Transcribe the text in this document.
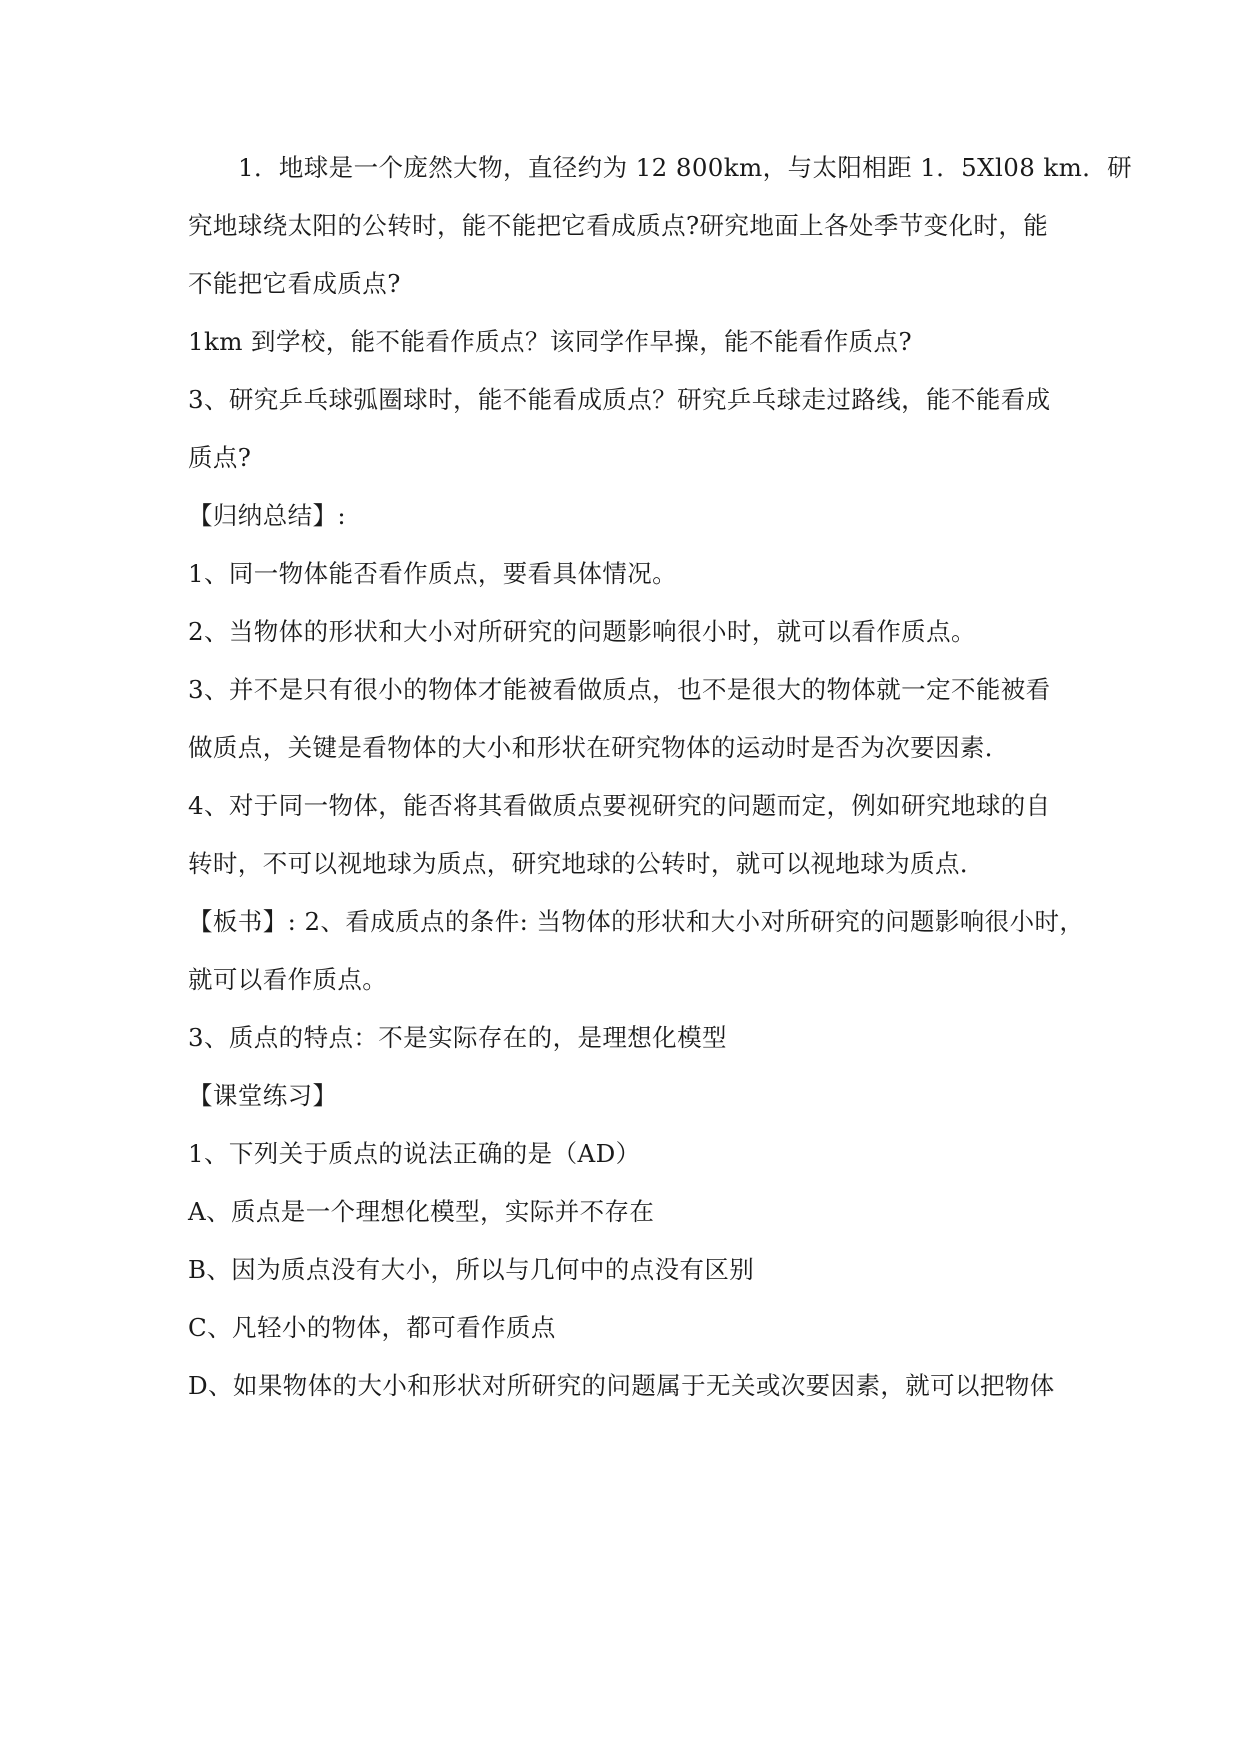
1．地球是一个庞然大物，直径约为 12 800km，与太阳相距 1．5Xl08 km．研
究地球绕太阳的公转时，能不能把它看成质点?研究地面上各处季节变化时，能
不能把它看成质点?
1km 到学校，能不能看作质点？该同学作早操，能不能看作质点?
3、研究乒乓球弧圈球时，能不能看成质点？研究乒乓球走过路线，能不能看成
质点?
【归纳总结】:
1、同一物体能否看作质点，要看具体情况。
2、当物体的形状和大小对所研究的问题影响很小时，就可以看作质点。
3、并不是只有很小的物体才能被看做质点，也不是很大的物体就一定不能被看
做质点，关键是看物体的大小和形状在研究物体的运动时是否为次要因素．
4、对于同一物体，能否将其看做质点要视研究的问题而定，例如研究地球的自
转时，不可以视地球为质点，研究地球的公转时，就可以视地球为质点．
【板书】: 2、看成质点的条件: 当物体的形状和大小对所研究的问题影响很小时，
就可以看作质点。
3、质点的特点：不是实际存在的，是理想化模型
【课堂练习】
1、下列关于质点的说法正确的是（AD）
A、质点是一个理想化模型，实际并不存在
B、因为质点没有大小，所以与几何中的点没有区别
C、凡轻小的物体，都可看作质点
D、如果物体的大小和形状对所研究的问题属于无关或次要因素，就可以把物体
